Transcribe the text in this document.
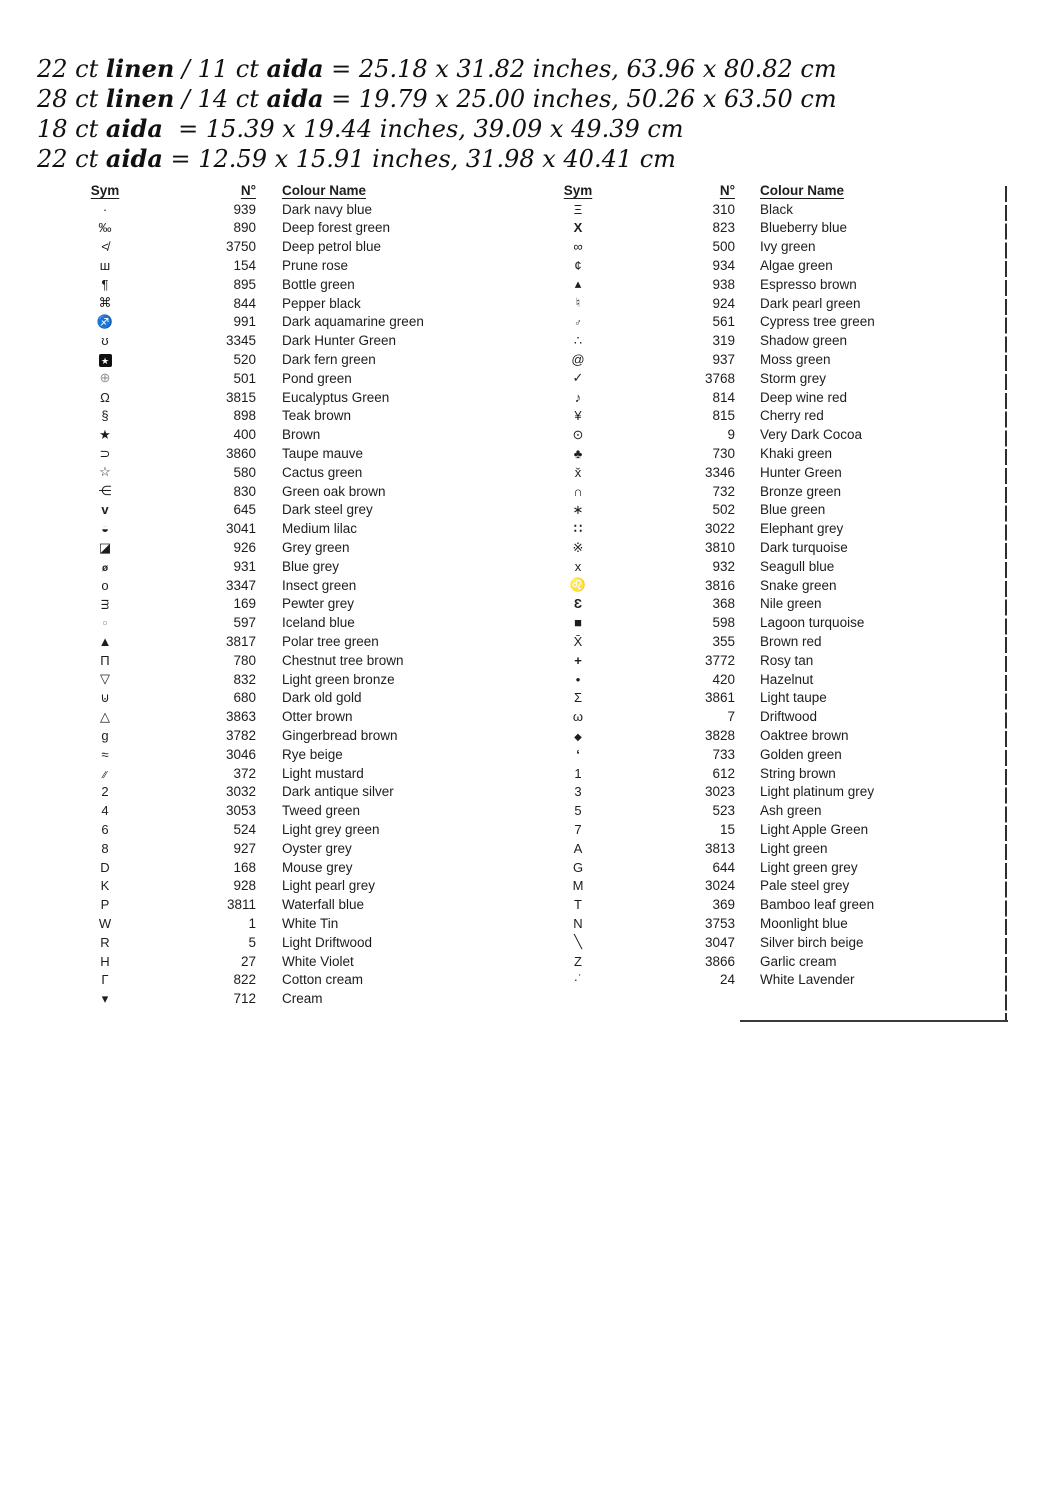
22 ct linen / 11 ct aida = 25.18 x 31.82 inches, 63.96 x 80.82 cm
28 ct linen / 14 ct aida = 19.79 x 25.00 inches, 50.26 x 63.50 cm
18 ct aida  = 15.39 x 19.44 inches, 39.09 x 49.39 cm
22 ct aida = 12.59 x 15.91 inches, 31.98 x 40.41 cm
Sym	N°	Colour Name
·	939	Dark navy blue
‰	890	Deep forest green
≮	3750	Deep petrol blue
ш	154	Prune rose
¶	895	Bottle green
⌘	844	Pepper black
♐	991	Dark aquamarine green
ʊ	3345	Dark Hunter Green
★	520	Dark fern green
⊕	501	Pond green
Ω	3815	Eucalyptus Green
§	898	Teak brown
★	400	Brown
⊃	3860	Taupe mauve
☆	580	Cactus green
⋲	830	Green oak brown
ᴠ	645	Dark steel grey
◒	3041	Medium lilac
◪	926	Grey green
ø	931	Blue grey
o	3347	Insect green
ᴟ	169	Pewter grey
▫	597	Iceland blue
▲	3817	Polar tree green
Π	780	Chestnut tree brown
▽	832	Light green bronze
⊍	680	Dark old gold
△	3863	Otter brown
g	3782	Gingerbread brown
≈	3046	Rye beige
∕∕	372	Light mustard
2	3032	Dark antique silver
4	3053	Tweed green
6	524	Light grey green
8	927	Oyster grey
D	168	Mouse grey
K	928	Light pearl grey
P	3811	Waterfall blue
W	1	White Tin
R	5	Light Driftwood
H	27	White Violet
Γ	822	Cotton cream
▾	712	Cream
Sym	N°	Colour Name
Ξ	310	Black
X	823	Blueberry blue
∞	500	Ivy green
¢	934	Algae green
▴	938	Espresso brown
♮	924	Dark pearl green
♂	561	Cypress tree green
∴	319	Shadow green
@	937	Moss green
✓	3768	Storm grey
♪	814	Deep wine red
¥	815	Cherry red
⊙	9	Very Dark Cocoa
♣	730	Khaki green
x̌	3346	Hunter Green
∩	732	Bronze green
∗	502	Blue green
∷	3022	Elephant grey
※	3810	Dark turquoise
x	932	Seagull blue
♌	3816	Snake green
Ɛ	368	Nile green
■	598	Lagoon turquoise
X̄	355	Brown red
+	3772	Rosy tan
•	420	Hazelnut
Σ	3861	Light taupe
ω	7	Driftwood
◆	3828	Oaktree brown
‘	733	Golden green
1	612	String brown
3	3023	Light platinum grey
5	523	Ash green
7	15	Light Apple Green
A	3813	Light green
G	644	Light green grey
M	3024	Pale steel grey
T	369	Bamboo leaf green
N	3753	Moonlight blue
╲	3047	Silver birch beige
Z	3866	Garlic cream
·˙	24	White Lavender
